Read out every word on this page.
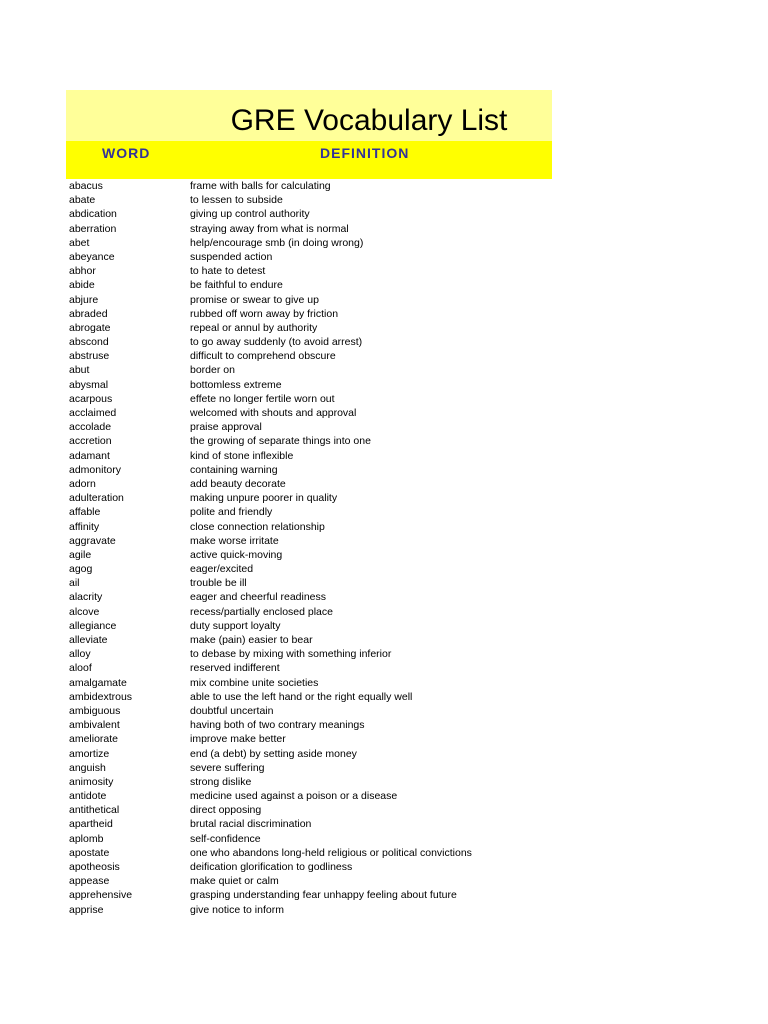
GRE Vocabulary List
WORD	DEFINITION
abacus	frame with balls for calculating
abate	to lessen to subside
abdication	giving up control authority
aberration	straying away from what is normal
abet	help/encourage smb (in doing wrong)
abeyance	suspended action
abhor	to hate to detest
abide	be faithful to endure
abjure	promise or swear to give up
abraded	rubbed off worn away by friction
abrogate	repeal or annul by authority
abscond	to go away suddenly (to avoid arrest)
abstruse	difficult to comprehend obscure
abut	border on
abysmal	bottomless extreme
acarpous	effete no longer fertile worn out
acclaimed	welcomed with shouts and approval
accolade	praise approval
accretion	the growing of separate things into one
adamant	kind of stone inflexible
admonitory	containing warning
adorn	add beauty decorate
adulteration	making unpure poorer in quality
affable	polite and friendly
affinity	close connection relationship
aggravate	make worse irritate
agile	active quick-moving
agog	eager/excited
ail	trouble be ill
alacrity	eager and cheerful readiness
alcove	recess/partially enclosed place
allegiance	duty support loyalty
alleviate	make (pain) easier to bear
alloy	to debase by mixing with something inferior
aloof	reserved indifferent
amalgamate	mix combine unite societies
ambidextrous	able to use the left hand or the right equally well
ambiguous	doubtful uncertain
ambivalent	having both of two contrary meanings
ameliorate	improve make better
amortize	end (a debt) by setting aside money
anguish	severe suffering
animosity	strong dislike
antidote	medicine used against a poison or a disease
antithetical	direct opposing
apartheid	brutal racial discrimination
aplomb	self-confidence
apostate	one who abandons long-held religious or political convictions
apotheosis	deification glorification to godliness
appease	make quiet or calm
apprehensive	grasping understanding fear unhappy feeling about future
apprise	give notice to inform
